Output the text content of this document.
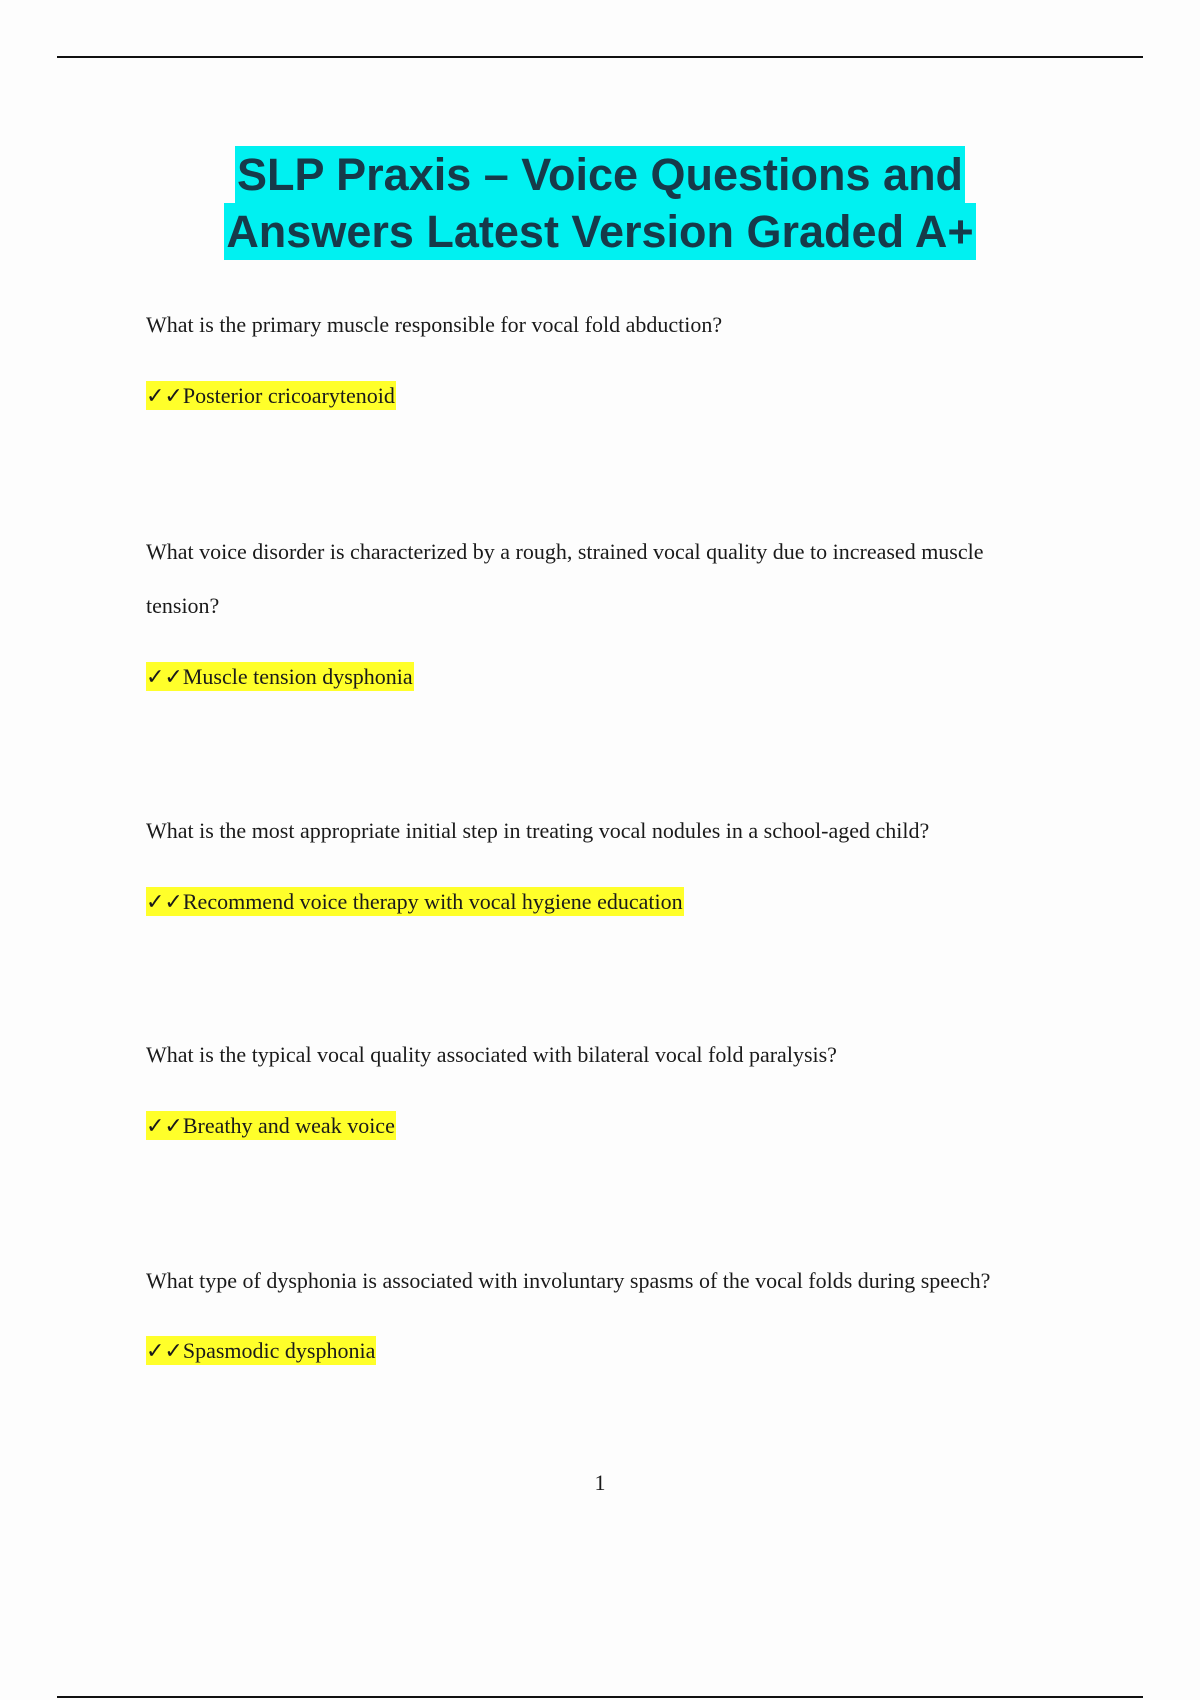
SLP Praxis – Voice Questions and
Answers Latest Version Graded A+

What is the primary muscle responsible for vocal fold abduction?

✓✓Posterior cricoarytenoid

What voice disorder is characterized by a rough, strained vocal quality due to increased muscle

tension?

✓✓Muscle tension dysphonia

What is the most appropriate initial step in treating vocal nodules in a school-aged child?

✓✓Recommend voice therapy with vocal hygiene education

What is the typical vocal quality associated with bilateral vocal fold paralysis?

✓✓Breathy and weak voice

What type of dysphonia is associated with involuntary spasms of the vocal folds during speech?

✓✓Spasmodic dysphonia

1
